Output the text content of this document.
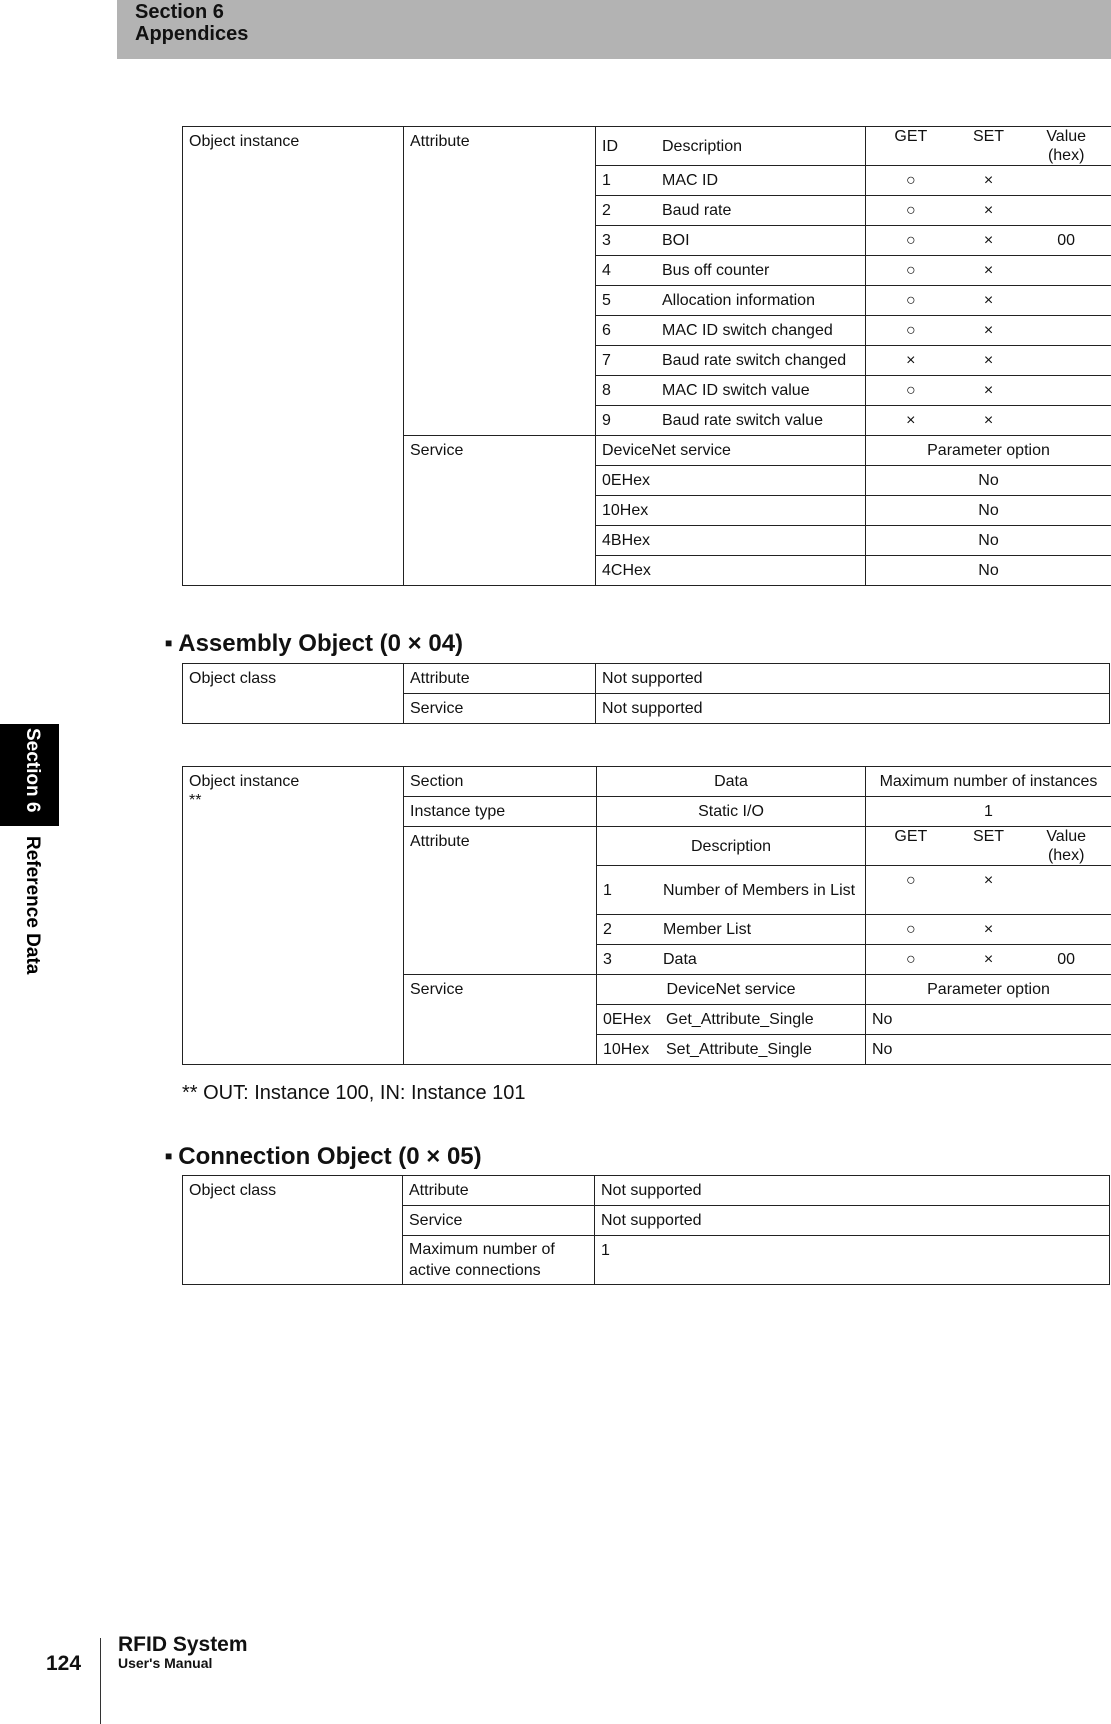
Section 6
Appendices
Section 6
Reference Data
Object instance	Attribute	ID Description	GET SET Value (hex)

		1 MAC ID	○ ×

		2 Baud rate	○ ×

		3 BOI	○ × 00

		4 Bus off counter	○ ×

		5 Allocation information	○ ×

		6 MAC ID switch changed	○ ×

		7 Baud rate switch changed	× ×

		8 MAC ID switch value	○ ×

		9 Baud rate switch value	× ×

	Service	DeviceNet service	Parameter option
		0EHex	No
		10Hex	No
		4BHex	No
		4CHex	No
■ Assembly Object (0 × 04)
Object class	Attribute	Not supported
	Service	Not supported
Object instance
**	Section	Data	Maximum number of instances
	Instance type	Static I/O	1
	Attribute	Description	GET SET Value (hex)

		1 Number of Members in List	○ ×

		2 Member List	○ ×

		3 Data	○ × 00

	Service	DeviceNet service	Parameter option

		0EHex Get_Attribute_Single	No

		10Hex Set_Attribute_Single	No
** OUT: Instance 100, IN: Instance 101
■ Connection Object (0 × 05)
Object class	Attribute	Not supported
	Service	Not supported
	Maximum number of active connections	1
124
RFID System
User's Manual
